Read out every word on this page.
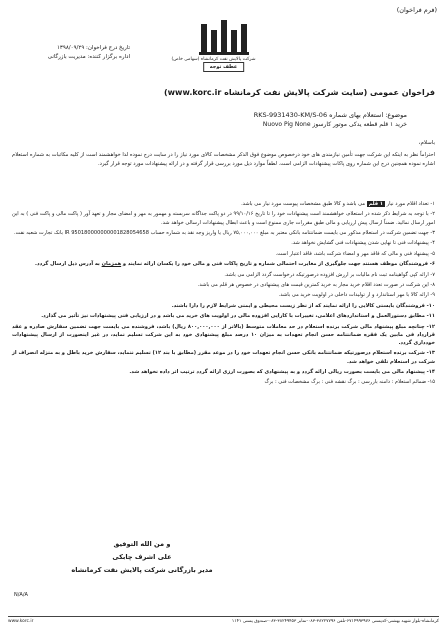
(فرم فراخوان)
شرکت پالایش نفت کرمانشاه (سهامی خاص)
عطف توجه
تاریخ درج فراخوان: ۱۳۹۸/۰۹/۲۹
اداره برگزار کننده: مدیریت بازرگانی
فراخوان عمومی (سایت شرکت پالایش نفت کرمانشاه www.korc.ir)
موضوع: استعلام بهای شماره RKS-9931430-KM/S-06
خرید ۱ قلم قطعه یدکی موتور کارسوز Nuovo Pig None
باسلام،
احتراماً نظر به اینکه این شرکت جهت تأمین نیازمندی های خود درخصوص موضوع فوق الذکر مشخصات کالای مورد نیاز را در سایت درج نموده لذا خواهشمند است از کلیه مکاتبات به شماره استعلام اشاره نموده همچنین درج این شماره روی پاکات پیشنهادات الزامی است. لطفاً موارد ذیل مورد بررسی قرار گرفته و در ارائه پیشنهادات مورد توجه قرار گیرد.
۱- تعداد اقلام مورد نیاز ۱ قلم می باشد و کالا طبق مشخصات پیوست مورد نیاز می باشد.
۲- با توجه به شرایط ذکر شده در استعلام، خواهشمند است پیشنهادات خود را تا تاریخ ۹۹/۱۰/۱۶ در دو پاکت جداگانه سربسته و مهمور به مهر و امضای مجاز و تعهد آور ( پاکت مالی و پاکت فنی ) به این امور ارسال نمائید. ضمناً ارسال پیش ارزیابی و مالی طبق مقررات جاری ممنوع است و باعث ابطال پیشنهادات ارسالی خواهد شد.
۳- جهت تضمین شرکت در استعلام مذکور می بایست ضمانتنامه بانکی معتبر به مبلغ ۷۵,۰۰۰,۰۰۰ ریال یا واریز وجه نقد به شماره حساب IR 950180000000001828054658 بانک تجارت شعبه نفت.
۴- پیشنهادات فنی تا نهایی شدن پیشنهادات فنی گشایش نخواهد شد.
۵- پیشنهاد فنی و مالی که فاقد مهر و امضاء شرکت باشد، فاقد اعتبار است.
۶- فروشندگان موظف هستند جهت جلوگیری از مغایرت احتمالی شماره و تاریخ پاکات فنی و مالی خود را یکسان ارائه نمایند و همزمان به آدرس ذیل ارسال گردد.
۷- ارائه کپی گواهینامه ثبت نام مالیات بر ارزش افزوده درصورتیکه درخواست گردد الزامی می باشد.
۸- این شرکت در صورت تعدد اقلام خرید مجاز به خرید کمترین قیمت های پیشنهادی در خصوص هر قلم می باشد.
۹- ارائه کالا با مهر استاندارد و از تولیدات داخلی در اولویت خرید می باشد.
۱۰- فروشندگان بایستی کالایی را ارائه نمایند که از نظر زیست محیطی و ایمنی شرایط لازم را دارا باشند.
۱۱- مطابق دستورالعمل و استانداردهای اعلامی، تغییرات با کارایی افزوده مالی در اولویت های خرید می باشد و در ارزیابی فنی پیشنهادات نیز تأثیر می گذارد.
۱۲- چنانچه مبلغ پیشنهاد مالی شرکت برنده استعلام در حد معاملات متوسط (بالاتر از ۸۰۰,۰۰۰,۰۰۰ ریال) باشد، فروشنده می بایست جهت تضمین سفارش صادره و عقد قرارداد فی مابین یک فقره ضمانتنامه حسن انجام تعهدات به میزان ۱۰ درصد مبلغ پیشنهادی خود به این شرکت تسلیم نماید، در غیر اینصورت از ارسال پیشنهادات خودداری گردد.
۱۳- شرکت برنده استعلام درصورتیکه ضمانتنامه بانکی حسن انجام تعهدات خود را در موعد مقرر (مطابق با بند ۱۲) تسلیم ننماید، سفارش خرید باطل و به منزله انصراف از شرکت در استعلام تلقی خواهد شد.
۱۴- پیشنهاد مالی می بایست بصورت ریالی ارائه گردد و به پیشنهادی که بصورت ارزی ارائه گردد ترتیب اثر داده نخواهد شد.
۱۵- ضمائم استعلام : دامنه بازرسی : برگ نقشه فنی : برگ مشخصات فنی : برگ
و من الله التوفیق
علی اشرف چابکی
مدیر بازرگانی شرکت پالایش نفت کرمانشاه
N/A/A
کرمانشاه-بلوار شهید بهشتی-کدپستی ۶۷۱۴۹۹۳۹۷۶-تلفن ۳۸۲۲۷۷۹۶-۰۸۳-نمابر ۳۸۲۴۹۴۵۳-۰۸۳-صندوق پستی ۱۱۴۱
www.korc.ir
